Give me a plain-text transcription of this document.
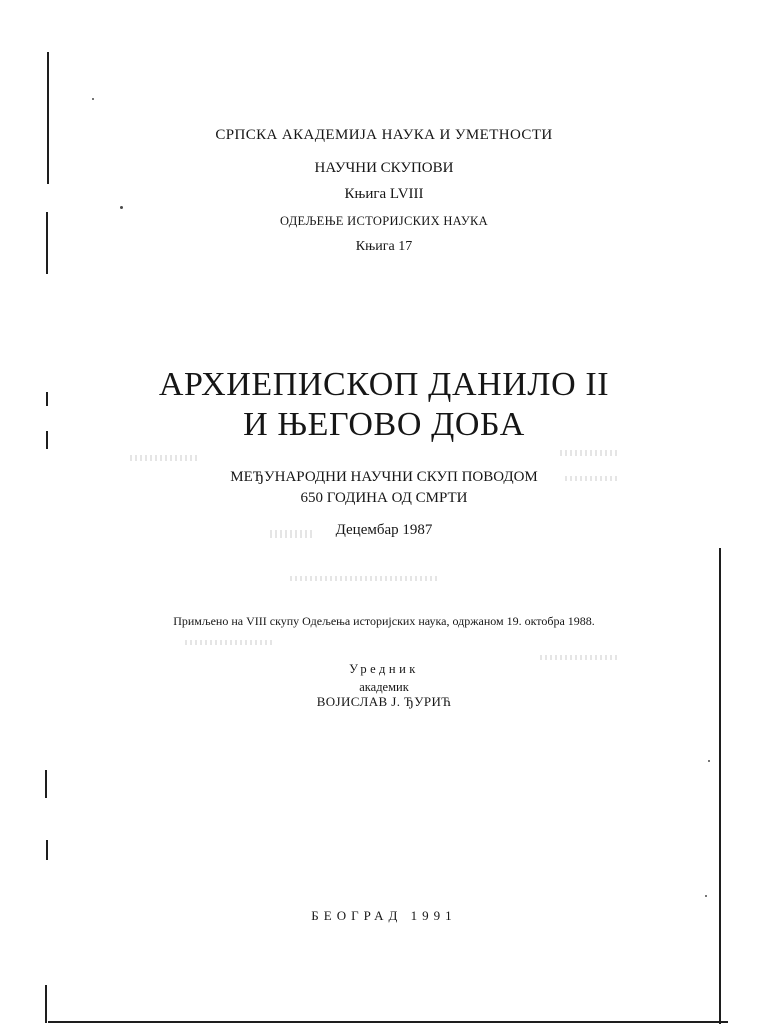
СРПСКА АКАДЕМИЈА НАУКА И УМЕТНОСТИ
НАУЧНИ СКУПОВИ
Књига LVIII
ОДЕЉЕЊЕ ИСТОРИЈСКИХ НАУКА
Књига 17
АРХИЕПИСКОП ДАНИЛО II
И ЊЕГОВО ДОБА
МЕЂУНАРОДНИ НАУЧНИ СКУП ПОВОДОМ
650 ГОДИНА ОД СМРТИ
Децембар 1987
Примљено на VIII скупу Одељења историјских наука, одржаном 19. октобра 1988.
Уредник
академик
ВОЈИСЛАВ Ј. ЂУРИЋ
БЕОГРАД 1991
